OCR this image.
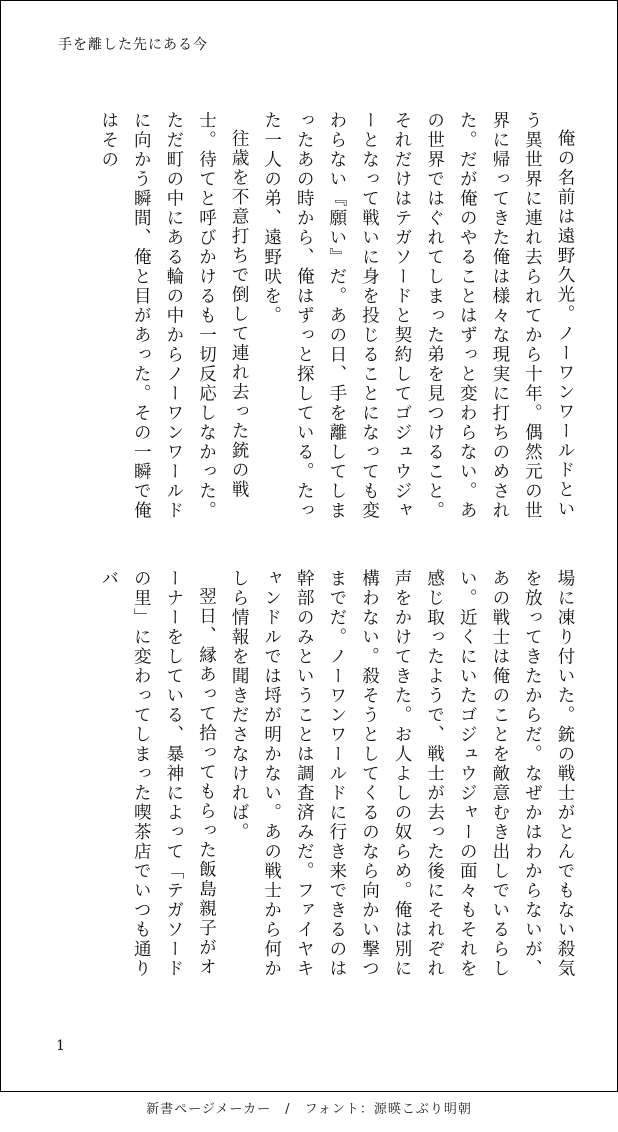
手を離した先にある今

俺の名前は遠野久光。ノーワンワールドという異世界に連れ去られてから十年。偶然元の世界に帰ってきた俺は様々な現実に打ちのめされた。だが俺のやることはずっと変わらない。あの世界ではぐれてしまった弟を見つけること。それだけはテガソードと契約してゴジュウジャーとなって戦いに身を投じることになっても変わらない『願い』だ。あの日、手を離してしまったあの時から、俺はずっと探している。たった一人の弟、遠野吠を。

往歳を不意打ちで倒して連れ去った銃の戦士。待てと呼びかけるも一切反応しなかった。ただ町の中にある輪の中からノーワンワールドに向かう瞬間、俺と目があった。その一瞬で俺はその

場に凍り付いた。銃の戦士がとんでもない殺気を放ってきたからだ。なぜかはわからないが、あの戦士は俺のことを敵意むき出しでいるらしい。近くにいたゴジュウジャーの面々もそれを感じ取ったようで、戦士が去った後にそれぞれ声をかけてきた。お人よしの奴らめ。俺は別に構わない。殺そうとしてくるのなら向かい撃つまでだ。ノーワンワールドに行き来できるのは幹部のみということは調査済みだ。ファイヤキャンドルでは埒が明かない。あの戦士から何かしら情報を聞きださなければ。

翌日、縁あって拾ってもらった飯島親子がオーナーをしている、暴神によって「テガソードの里」に変わってしまった喫茶店でいつも通りバ

1
新書ページメーカー / フォント：源暎こぶり明朝
